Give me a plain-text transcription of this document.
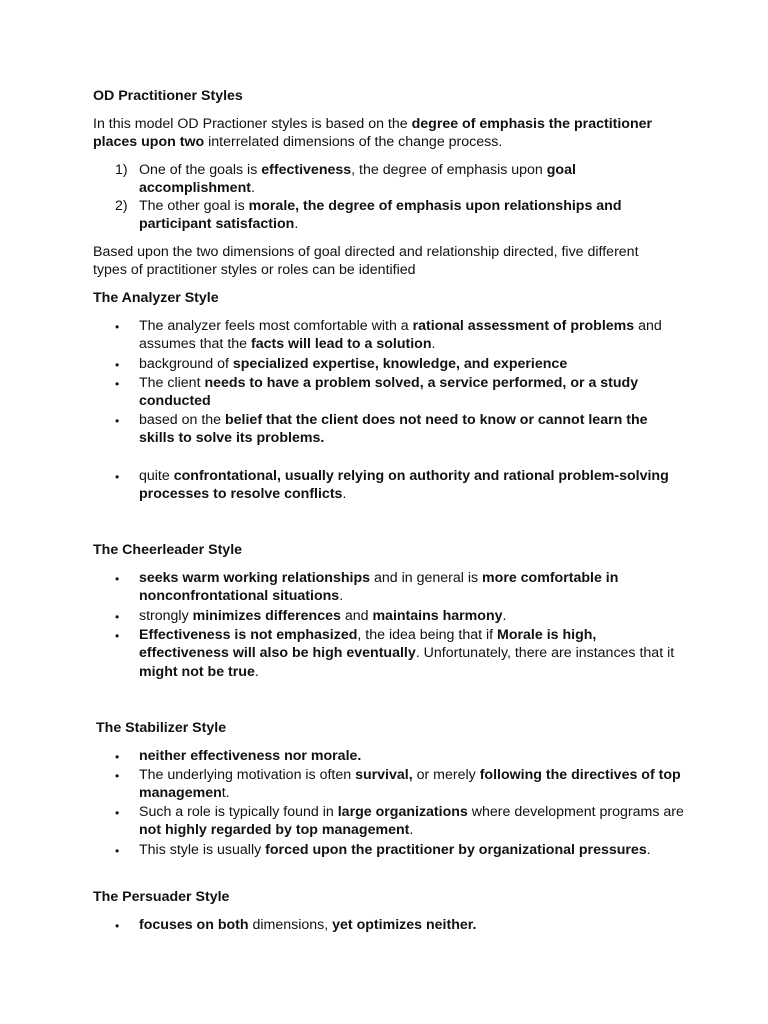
OD Practitioner Styles

In this model OD Practioner styles is based on the degree of emphasis the practitioner places upon two interrelated dimensions of the change process.

1) One of the goals is effectiveness, the degree of emphasis upon goal accomplishment.

2) The other goal is morale, the degree of emphasis upon relationships and participant satisfaction.

Based upon the two dimensions of goal directed and relationship directed, five different types of practitioner styles or roles can be identified

The Analyzer Style

• The analyzer feels most comfortable with a rational assessment of problems and assumes that the facts will lead to a solution.

• background of specialized expertise, knowledge, and experience

• The client needs to have a problem solved, a service performed, or a study conducted

• based on the belief that the client does not need to know or cannot learn the skills to solve its problems.

• quite confrontational, usually relying on authority and rational problem-solving processes to resolve conflicts.

The Cheerleader Style

• seeks warm working relationships and in general is more comfortable in nonconfrontational situations.

• strongly minimizes differences and maintains harmony.

• Effectiveness is not emphasized, the idea being that if Morale is high, effectiveness will also be high eventually. Unfortunately, there are instances that it might not be true.

The Stabilizer Style

• neither effectiveness nor morale.

• The underlying motivation is often survival, or merely following the directives of top management.

• Such a role is typically found in large organizations where development programs are not highly regarded by top management.

• This style is usually forced upon the practitioner by organizational pressures.

The Persuader Style

• focuses on both dimensions, yet optimizes neither.
